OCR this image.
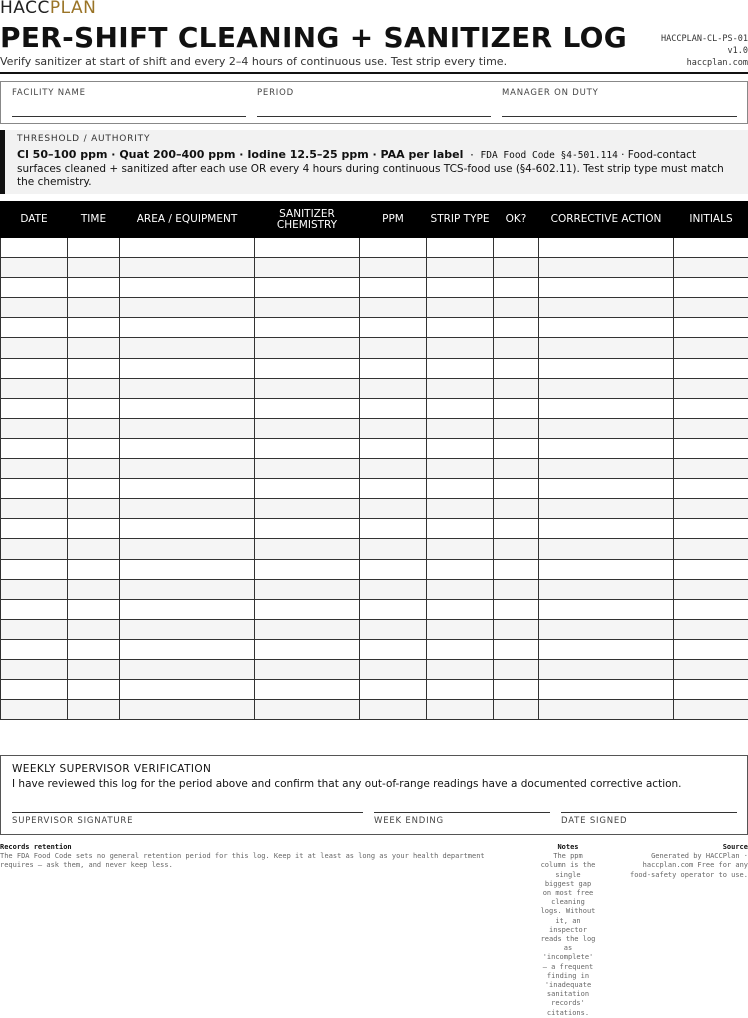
HACCPLAN
PER-SHIFT CLEANING + SANITIZER LOG
Verify sanitizer at start of shift and every 2–4 hours of continuous use. Test strip every time.
HACCPLAN-CL-PS-01
v1.0
haccplan.com
FACILITY NAME	PERIOD	MANAGER ON DUTY
THRESHOLD / AUTHORITY
Cl 50–100 ppm · Quat 200–400 ppm · Iodine 12.5–25 ppm · PAA per label · FDA Food Code §4-501.114 · Food-contact surfaces cleaned + sanitized after each use OR every 4 hours during continuous TCS-food use (§4-602.11). Test strip type must match the chemistry.
DATE	TIME	AREA / EQUIPMENT	SANITIZER CHEMISTRY	PPM	STRIP TYPE	OK?	CORRECTIVE ACTION	INITIALS

WEEKLY SUPERVISOR VERIFICATION
I have reviewed this log for the period above and confirm that any out-of-range readings have a documented corrective action.
SUPERVISOR SIGNATURE	WEEK ENDING	DATE SIGNED
Records retention
The FDA Food Code sets no general retention period for this log. Keep it at least as long as your health department requires — ask them, and never keep less.
Notes
The ppm column is the single biggest gap on most free cleaning logs. Without it, an inspector reads the log as 'incomplete' — a frequent finding in 'inadequate sanitation records' citations.
Source
Generated by HACCPlan · haccplan.com Free for any food-safety operator to use.
